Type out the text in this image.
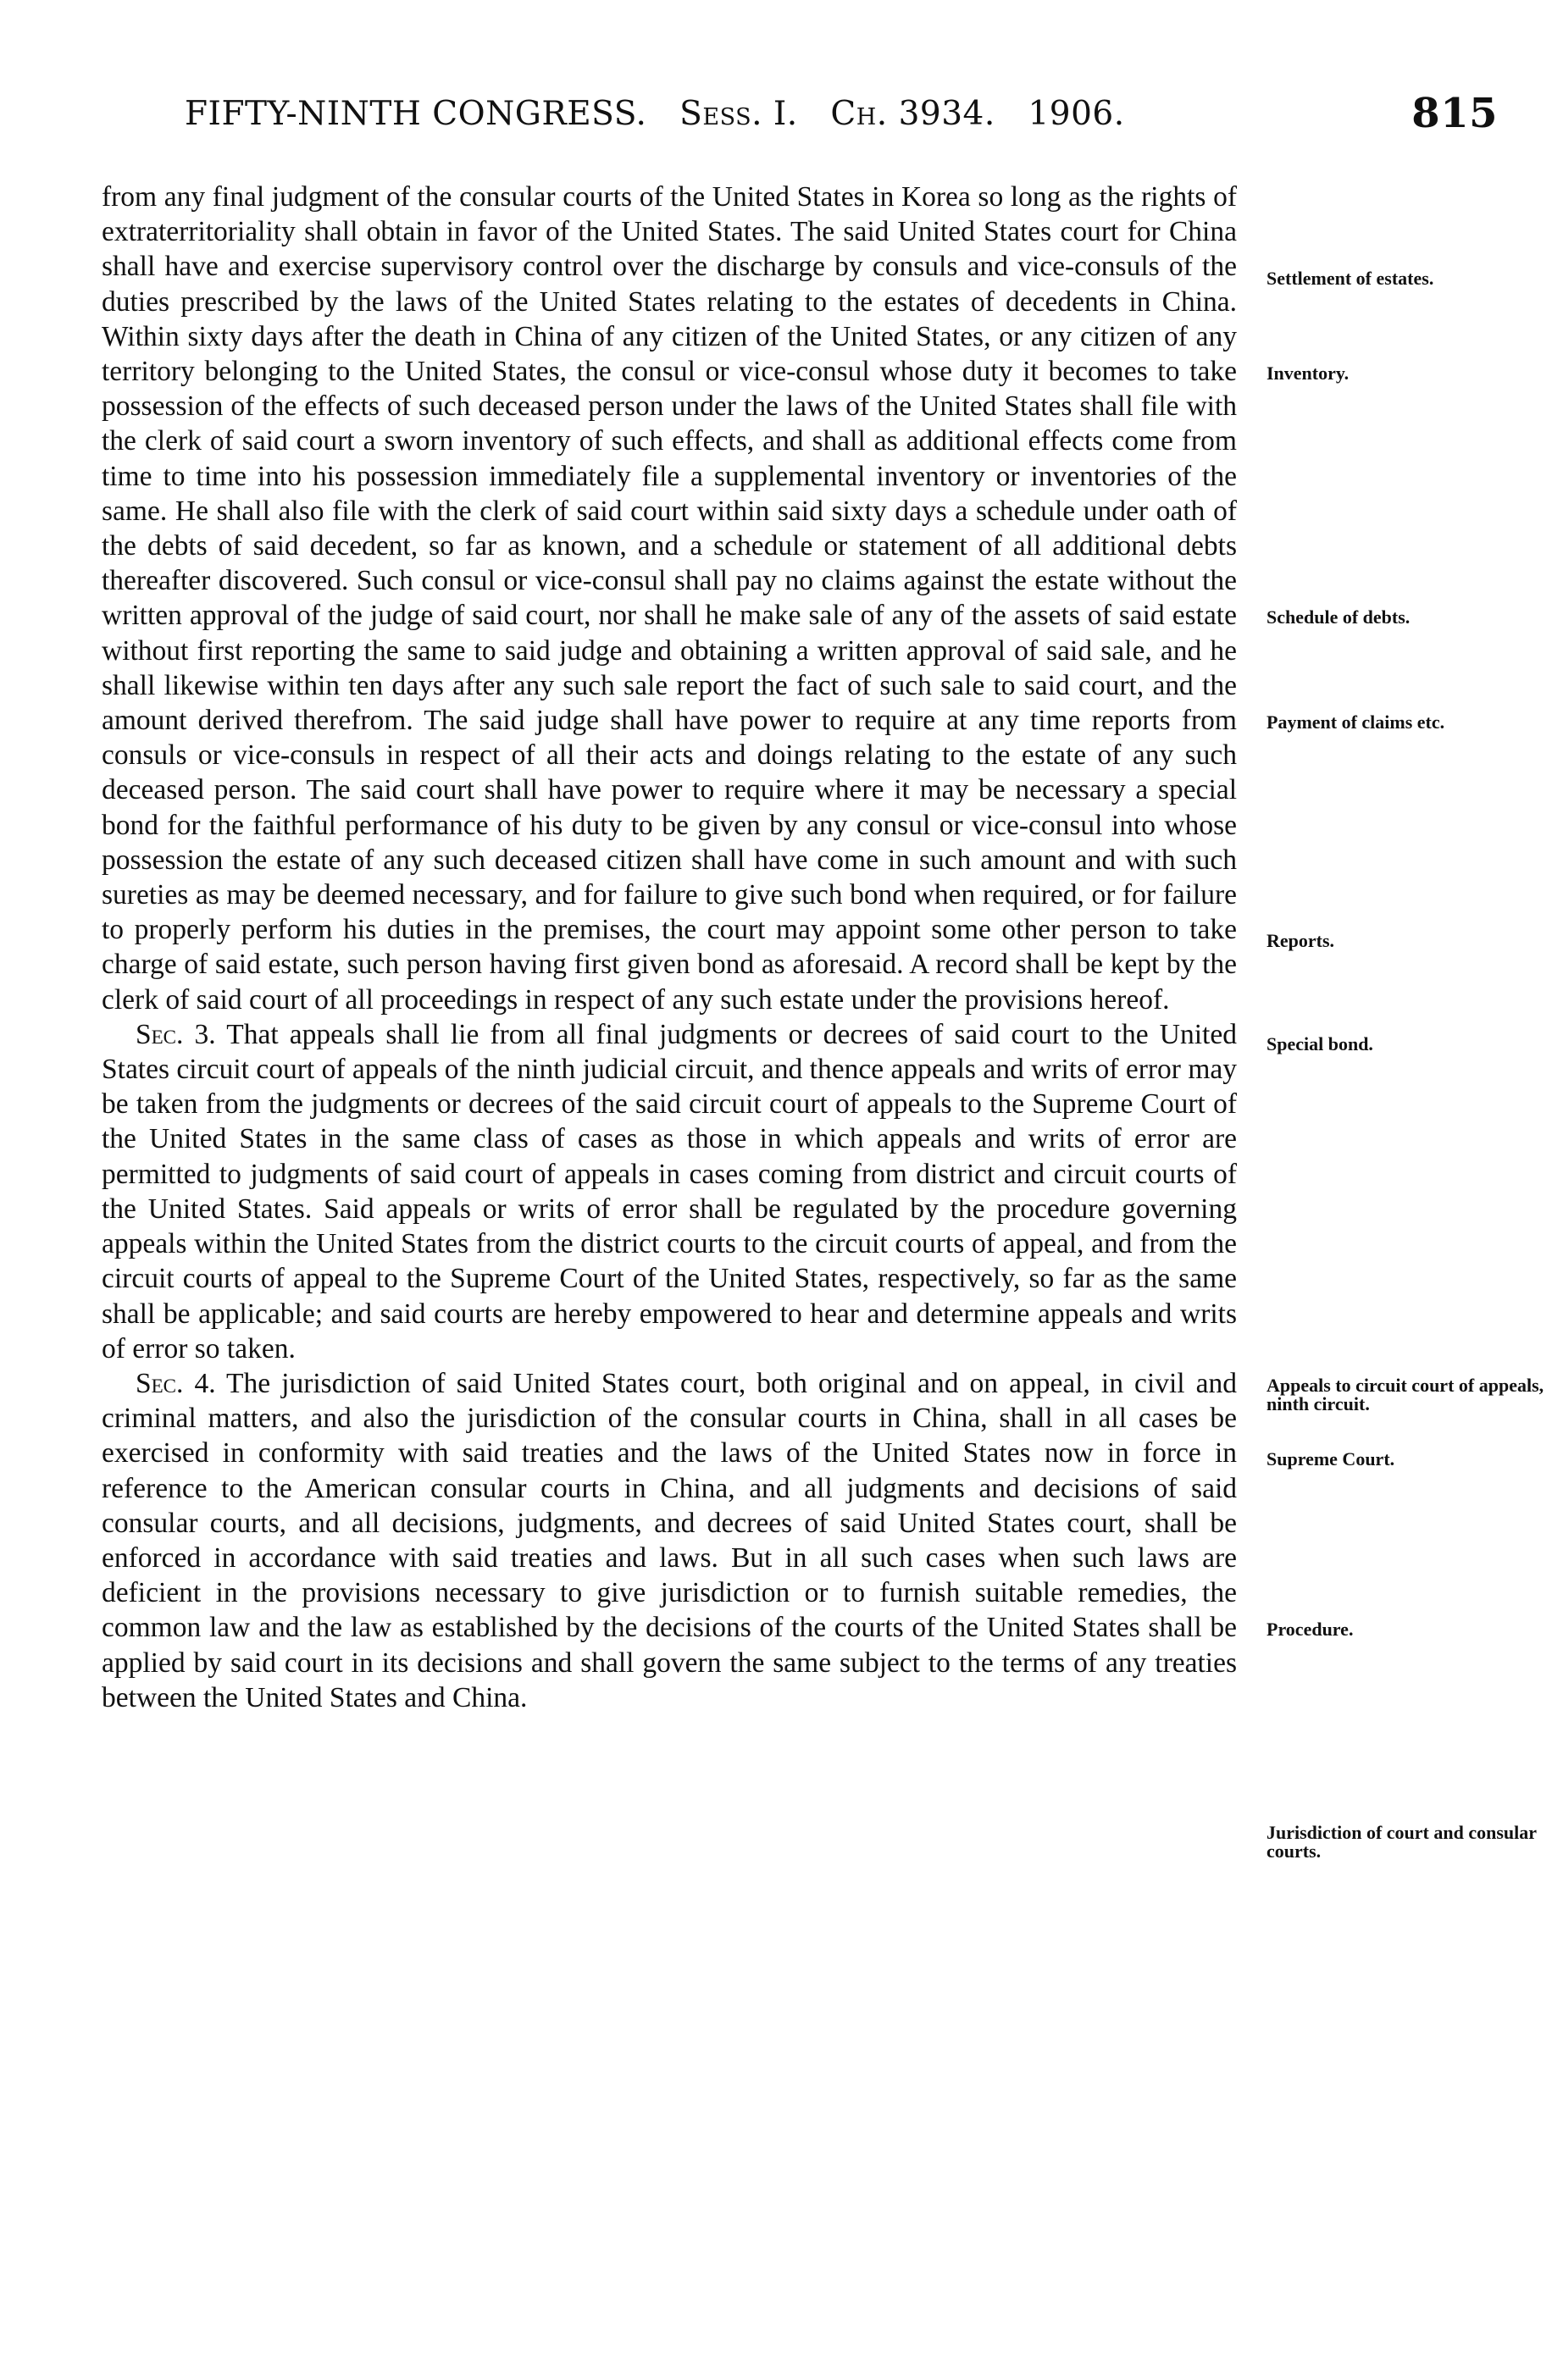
FIFTY-NINTH CONGRESS. Sess. I. Ch. 3934. 1906.	815

from any final judgment of the consular courts of the United States in Korea so long as the rights of extraterritoriality shall obtain in favor of the United States. The said United States court for China shall have and exercise supervisory control over the discharge by consuls and vice-consuls of the duties prescribed by the laws of the United States relating to the estates of decedents in China. Within sixty days after the death in China of any citizen of the United States, or any citizen of any territory belonging to the United States, the consul or vice-consul whose duty it becomes to take possession of the effects of such deceased person under the laws of the United States shall file with the clerk of said court a sworn inventory of such effects, and shall as additional effects come from time to time into his possession immediately file a supplemental inventory or inventories of the same. He shall also file with the clerk of said court within said sixty days a schedule under oath of the debts of said decedent, so far as known, and a schedule or statement of all additional debts thereafter discovered. Such consul or vice-consul shall pay no claims against the estate without the written approval of the judge of said court, nor shall he make sale of any of the assets of said estate without first reporting the same to said judge and obtaining a written approval of said sale, and he shall likewise within ten days after any such sale report the fact of such sale to said court, and the amount derived therefrom. The said judge shall have power to require at any time reports from consuls or vice-consuls in respect of all their acts and doings relating to the estate of any such deceased person. The said court shall have power to require where it may be necessary a special bond for the faithful performance of his duty to be given by any consul or vice-consul into whose possession the estate of any such deceased citizen shall have come in such amount and with such sureties as may be deemed necessary, and for failure to give such bond when required, or for failure to properly perform his duties in the premises, the court may appoint some other person to take charge of said estate, such person having first given bond as aforesaid. A record shall be kept by the clerk of said court of all proceedings in respect of any such estate under the provisions hereof.

Sec. 3. That appeals shall lie from all final judgments or decrees of said court to the United States circuit court of appeals of the ninth judicial circuit, and thence appeals and writs of error may be taken from the judgments or decrees of the said circuit court of appeals to the Supreme Court of the United States in the same class of cases as those in which appeals and writs of error are permitted to judgments of said court of appeals in cases coming from district and circuit courts of the United States. Said appeals or writs of error shall be regulated by the procedure governing appeals within the United States from the district courts to the circuit courts of appeal, and from the circuit courts of appeal to the Supreme Court of the United States, respectively, so far as the same shall be applicable; and said courts are hereby empowered to hear and determine appeals and writs of error so taken.

Sec. 4. The jurisdiction of said United States court, both original and on appeal, in civil and criminal matters, and also the jurisdiction of the consular courts in China, shall in all cases be exercised in conformity with said treaties and the laws of the United States now in force in reference to the American consular courts in China, and all judgments and decisions of said consular courts, and all decisions, judgments, and decrees of said United States court, shall be enforced in accordance with said treaties and laws. But in all such cases when such laws are deficient in the provisions necessary to give jurisdiction or to furnish suitable remedies, the common law and the law as established by the decisions of the courts of the United States shall be applied by said court in its decisions and shall govern the same subject to the terms of any treaties between the United States and China.

Settlement of estates.
Inventory.
Schedule of debts.
Payment of claims etc.
Reports.
Special bond.
Appeals to circuit court of appeals, ninth circuit.
Supreme Court.
Procedure.
Jurisdiction of court and consular courts.
